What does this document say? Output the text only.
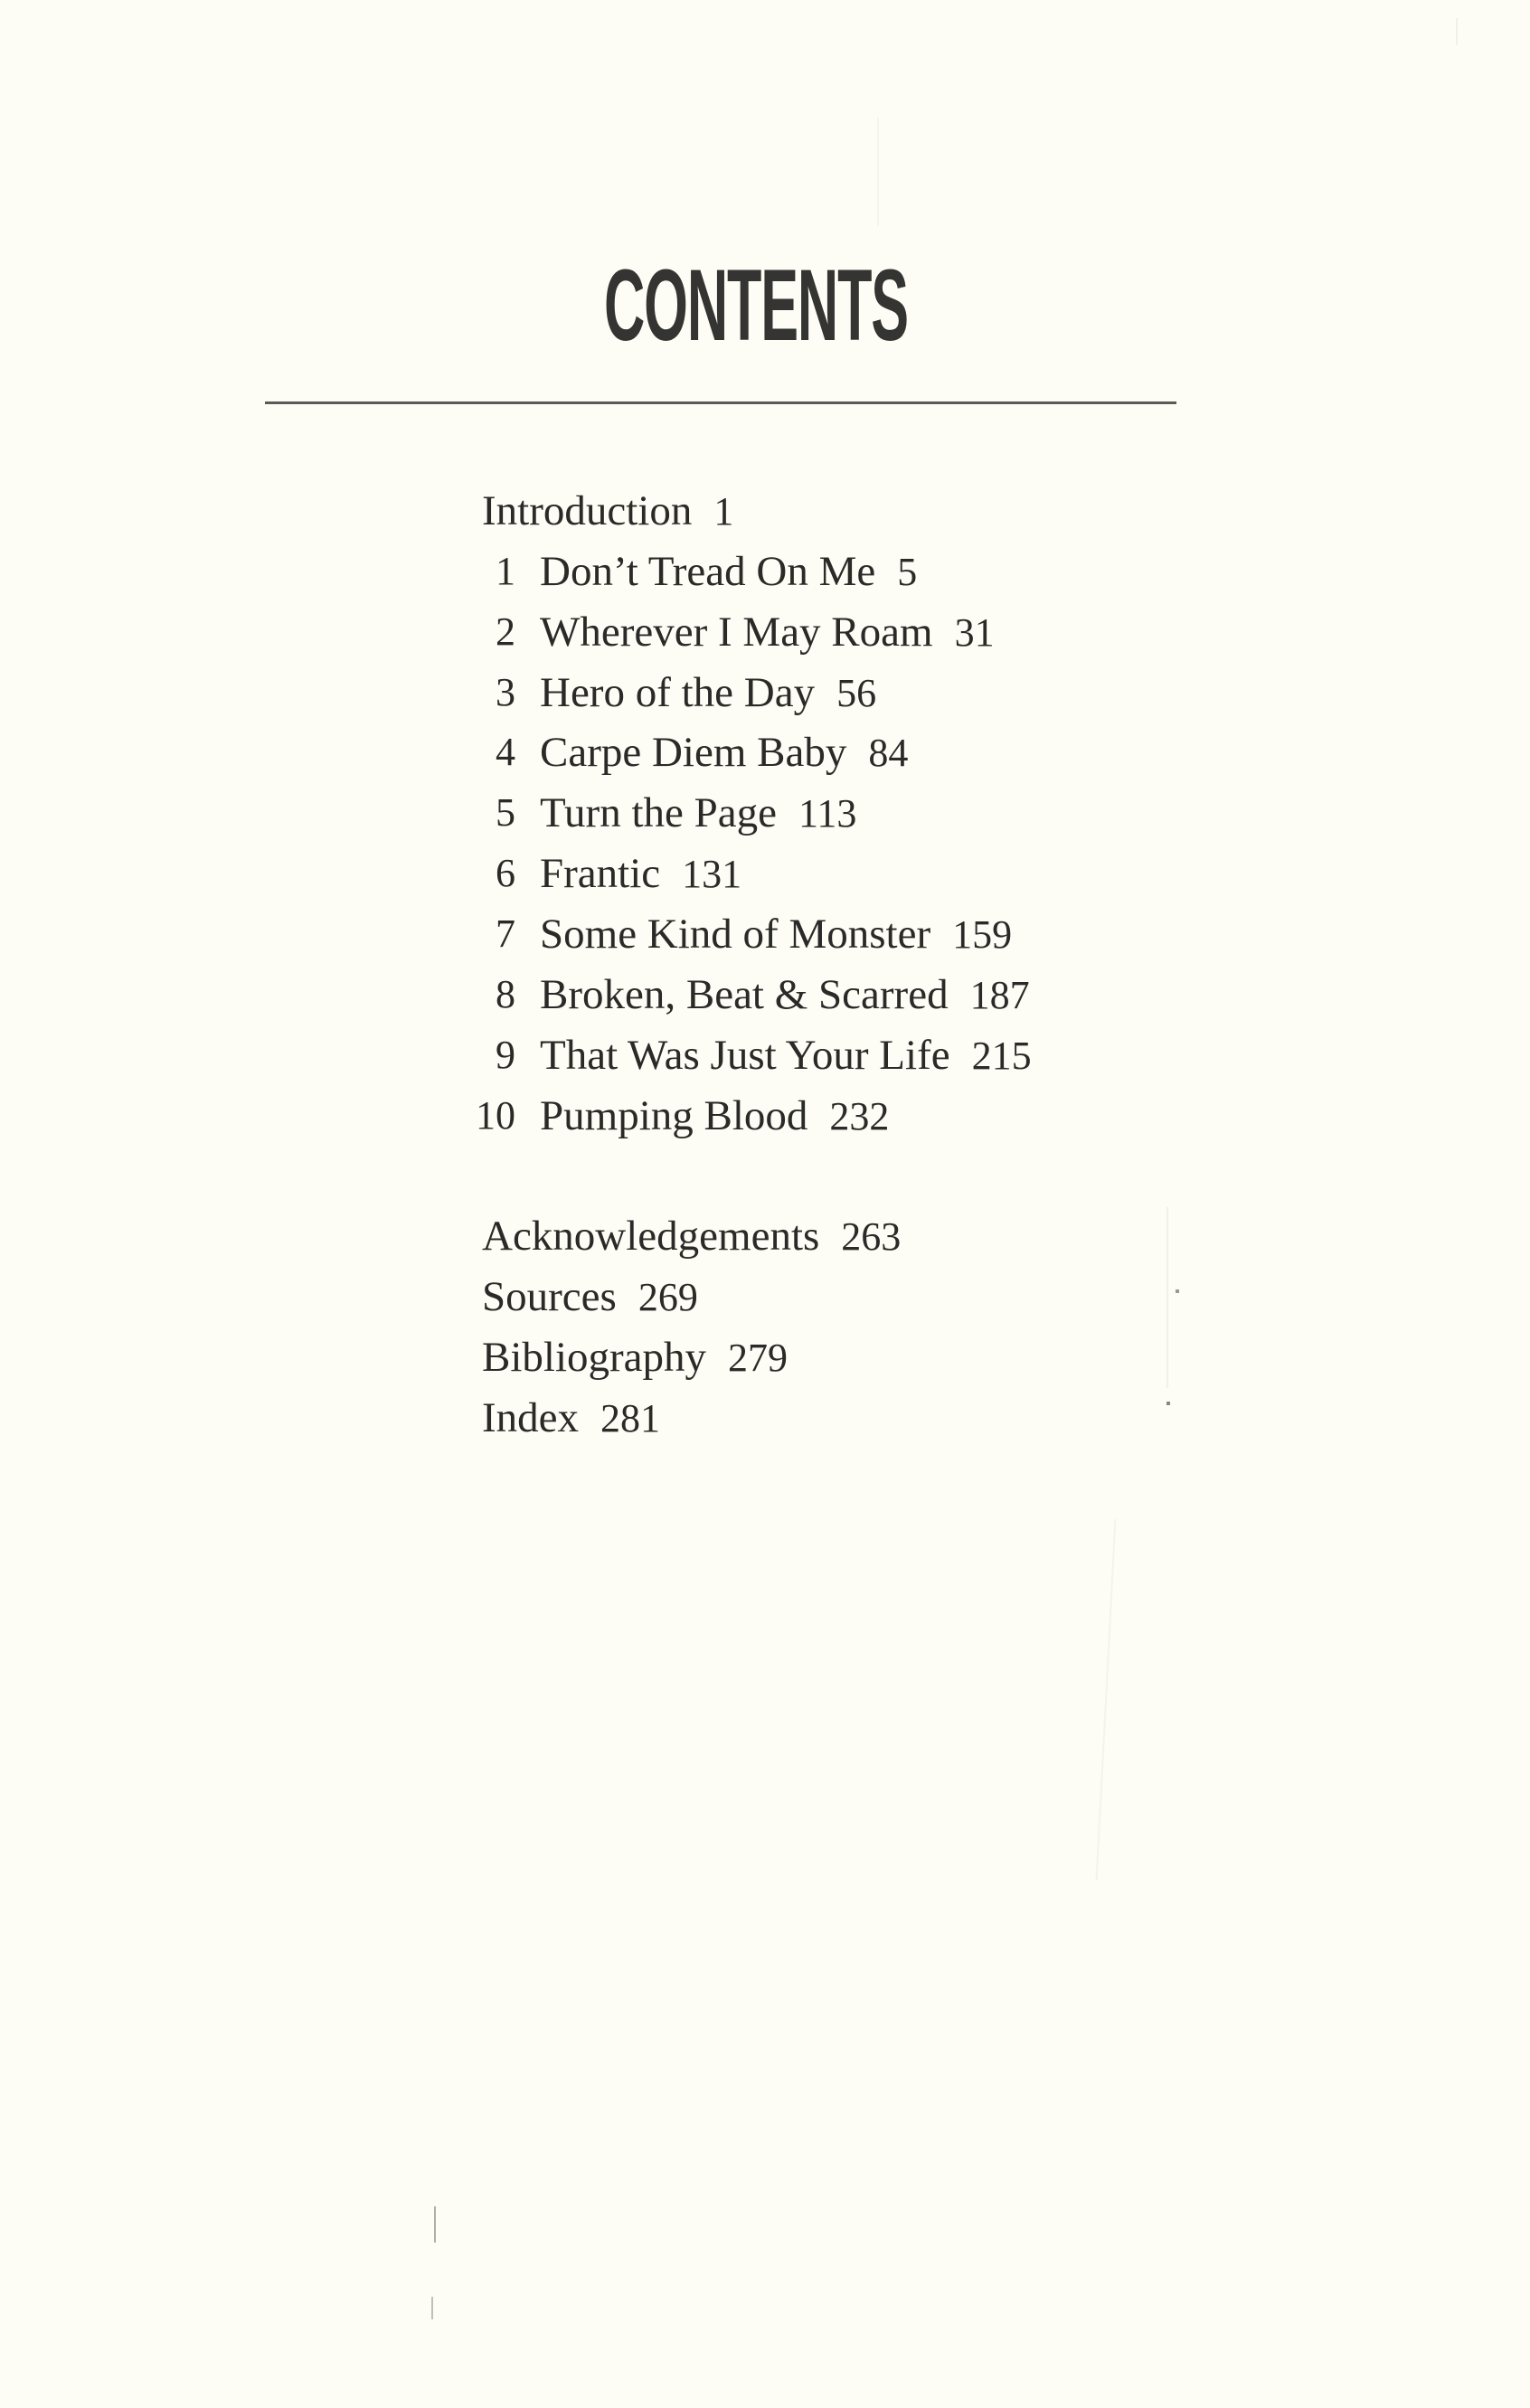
CONTENTS
Introduction 1
1 Don’t Tread On Me 5
2 Wherever I May Roam 31
3 Hero of the Day 56
4 Carpe Diem Baby 84
5 Turn the Page 113
6 Frantic 131
7 Some Kind of Monster 159
8 Broken, Beat & Scarred 187
9 That Was Just Your Life 215
10 Pumping Blood 232
Acknowledgements 263
Sources 269
Bibliography 279
Index 281
